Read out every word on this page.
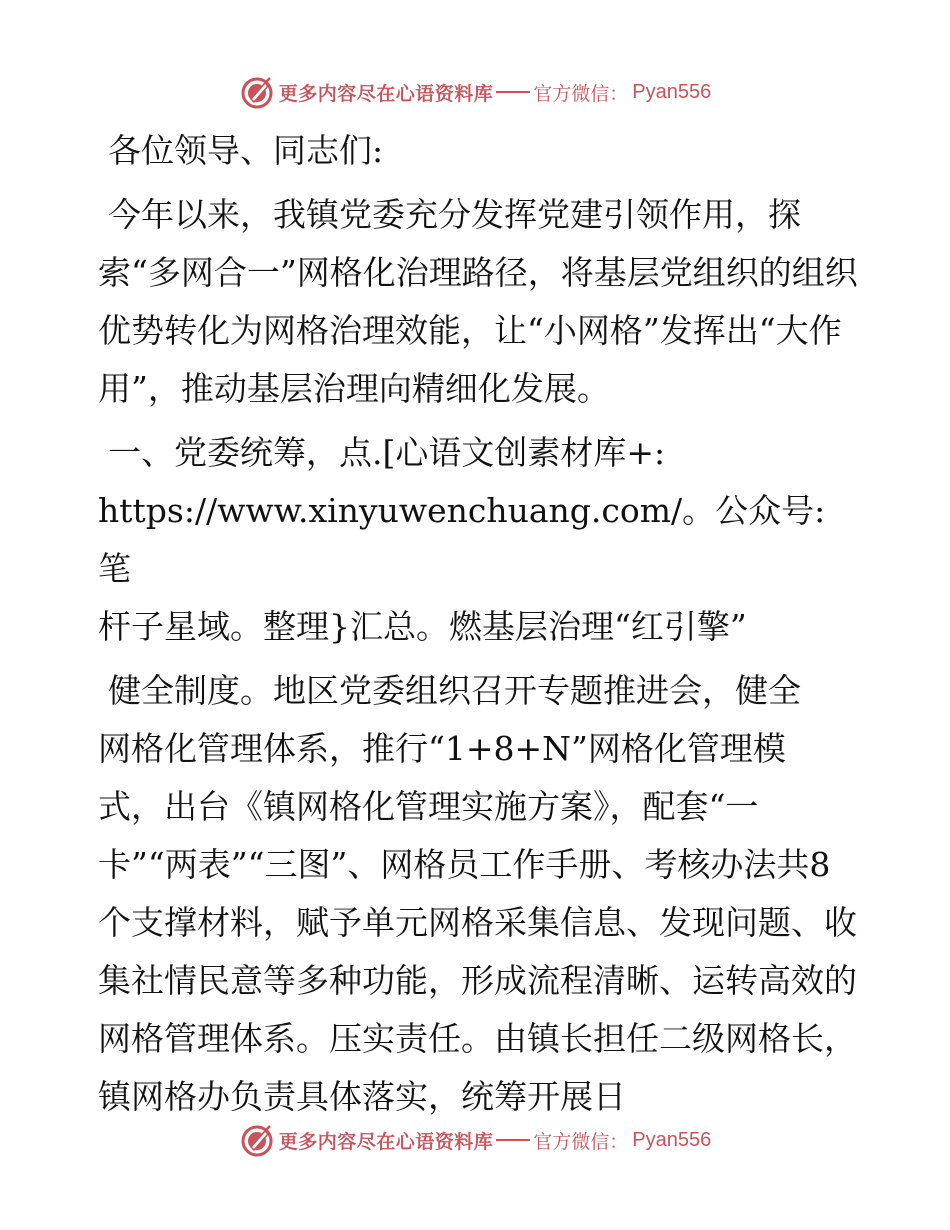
更多内容尽在心语资料库 官方微信： Pyan556

各位领导、同志们:

今年以来，我镇党委充分发挥党建引领作用，探索“多网合一”网格化治理路径，将基层党组织的组织优势转化为网格治理效能，让“小网格”发挥出“大作用”，推动基层治理向精细化发展。

一、党委统筹，点.[心语文创素材库+:

https://www.xinyuwenchuang.com/。公众号: 笔

杆子星域。整理}汇总。燃基层治理“红引擎”

健全制度。地区党委组织召开专题推进会，健全

网格化管理体系，推行“1+8+N”网格化管理模

式，出台《镇网格化管理实施方案》，配套“一

卡”“两表”“三图”、网格员工作手册、考核办法共8个支撑材料，赋予单元网格采集信息、发现问题、收集社情民意等多种功能，形成流程清晰、运转高效的网格管理体系。压实责任。由镇长担任二级网格长，镇网格办负责具体落实，统筹开展日

更多内容尽在心语资料库 官方微信： Pyan556
